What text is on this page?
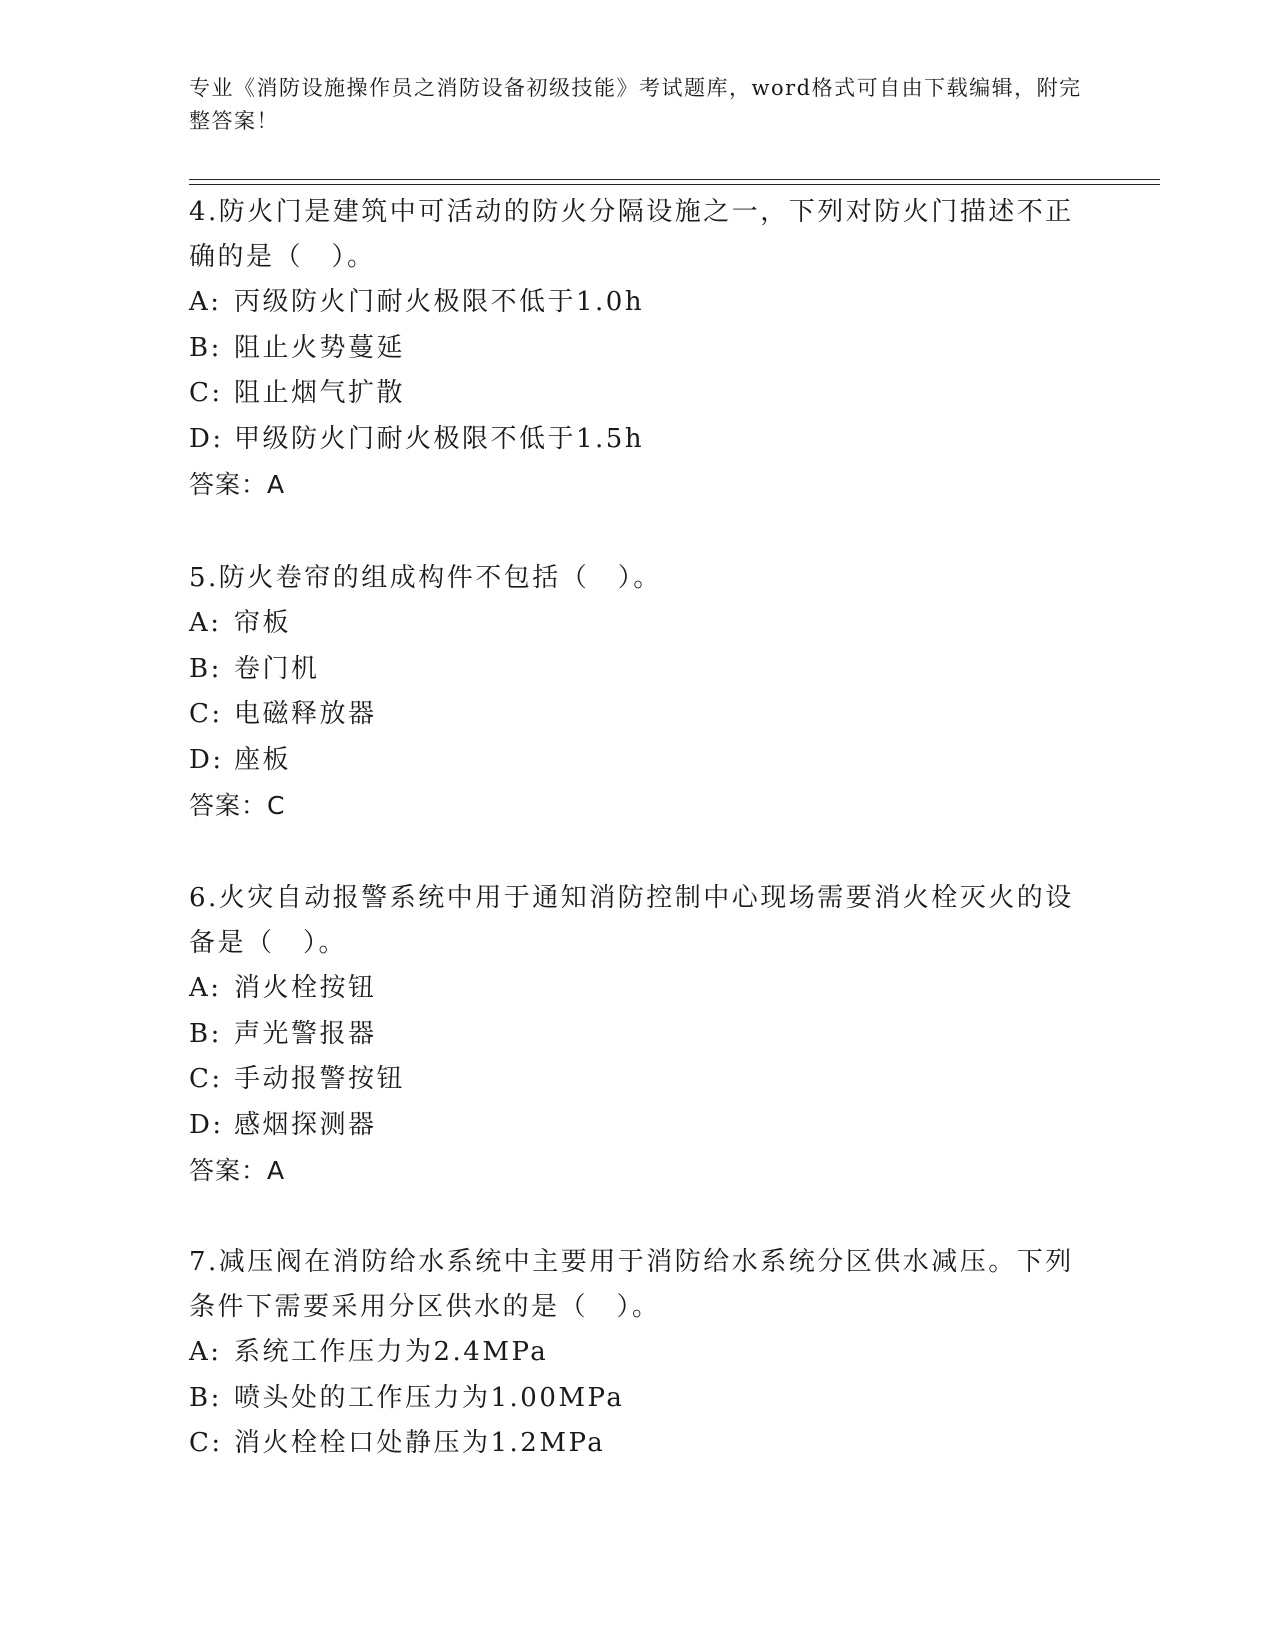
专业《消防设施操作员之消防设备初级技能》考试题库，word格式可自由下载编辑，附完整答案！

4.防火门是建筑中可活动的防火分隔设施之一，下列对防火门描述不正确的是（　）。

A: 丙级防火门耐火极限不低于1.0h

B: 阻止火势蔓延

C: 阻止烟气扩散

D: 甲级防火门耐火极限不低于1.5h

答案：A

5.防火卷帘的组成构件不包括（　）。

A: 帘板

B: 卷门机

C: 电磁释放器

D: 座板

答案：C

6.火灾自动报警系统中用于通知消防控制中心现场需要消火栓灭火的设备是（　）。

A: 消火栓按钮

B: 声光警报器

C: 手动报警按钮

D: 感烟探测器

答案：A

7.减压阀在消防给水系统中主要用于消防给水系统分区供水减压。下列条件下需要采用分区供水的是（　）。

A: 系统工作压力为2.4MPa

B: 喷头处的工作压力为1.00MPa

C: 消火栓栓口处静压为1.2MPa
